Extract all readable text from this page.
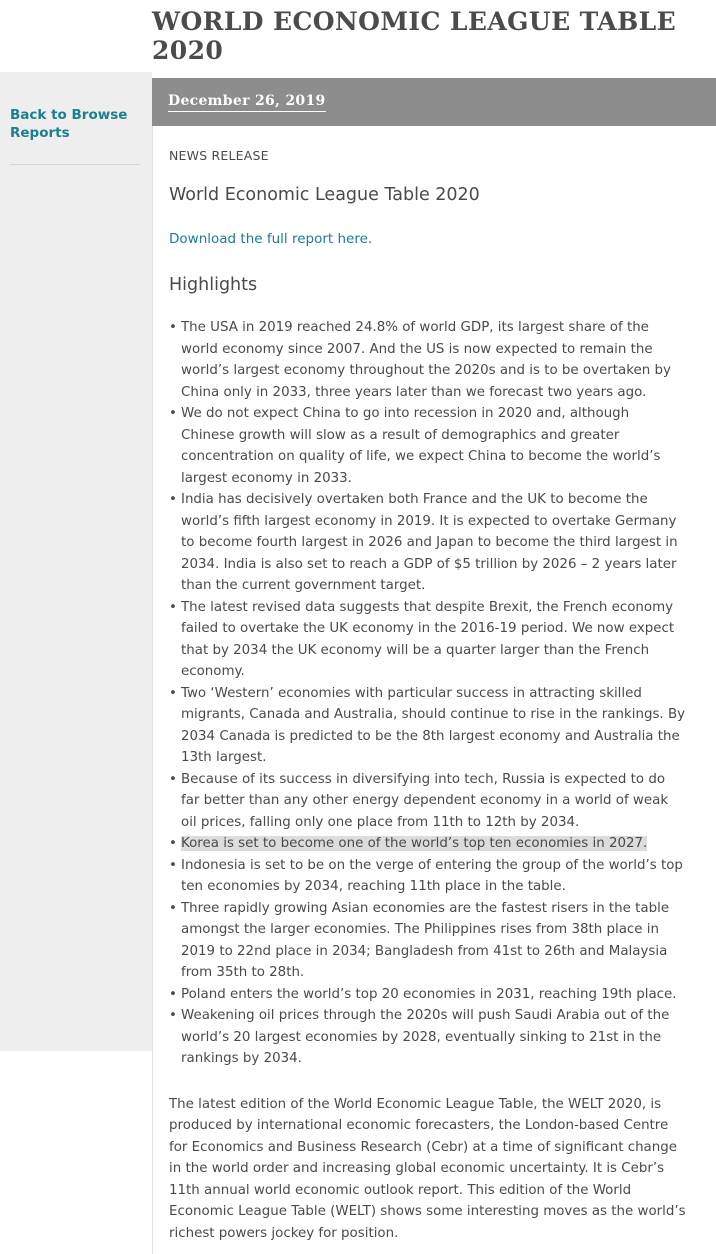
WORLD ECONOMIC LEAGUE TABLE 2020
Back to Browse Reports
December 26, 2019
NEWS RELEASE
World Economic League Table 2020
Download the full report here.
Highlights
• The USA in 2019 reached 24.8% of world GDP, its largest share of the world economy since 2007. And the US is now expected to remain the world’s largest economy throughout the 2020s and is to be overtaken by China only in 2033, three years later than we forecast two years ago.
• We do not expect China to go into recession in 2020 and, although Chinese growth will slow as a result of demographics and greater concentration on quality of life, we expect China to become the world’s largest economy in 2033.
• India has decisively overtaken both France and the UK to become the world’s fifth largest economy in 2019. It is expected to overtake Germany to become fourth largest in 2026 and Japan to become the third largest in 2034. India is also set to reach a GDP of $5 trillion by 2026 – 2 years later than the current government target.
• The latest revised data suggests that despite Brexit, the French economy failed to overtake the UK economy in the 2016-19 period. We now expect that by 2034 the UK economy will be a quarter larger than the French economy.
• Two ‘Western’ economies with particular success in attracting skilled migrants, Canada and Australia, should continue to rise in the rankings. By 2034 Canada is predicted to be the 8th largest economy and Australia the 13th largest.
• Because of its success in diversifying into tech, Russia is expected to do far better than any other energy dependent economy in a world of weak oil prices, falling only one place from 11th to 12th by 2034.
• Korea is set to become one of the world’s top ten economies in 2027.
• Indonesia is set to be on the verge of entering the group of the world’s top ten economies by 2034, reaching 11th place in the table.
• Three rapidly growing Asian economies are the fastest risers in the table amongst the larger economies. The Philippines rises from 38th place in 2019 to 22nd place in 2034; Bangladesh from 41st to 26th and Malaysia from 35th to 28th.
• Poland enters the world’s top 20 economies in 2031, reaching 19th place.
• Weakening oil prices through the 2020s will push Saudi Arabia out of the world’s 20 largest economies by 2028, eventually sinking to 21st in the rankings by 2034.

The latest edition of the World Economic League Table, the WELT 2020, is produced by international economic forecasters, the London-based Centre for Economics and Business Research (Cebr) at a time of significant change in the world order and increasing global economic uncertainty. It is Cebr’s 11th annual world economic outlook report. This edition of the World Economic League Table (WELT) shows some interesting moves as the world’s richest powers jockey for position.
